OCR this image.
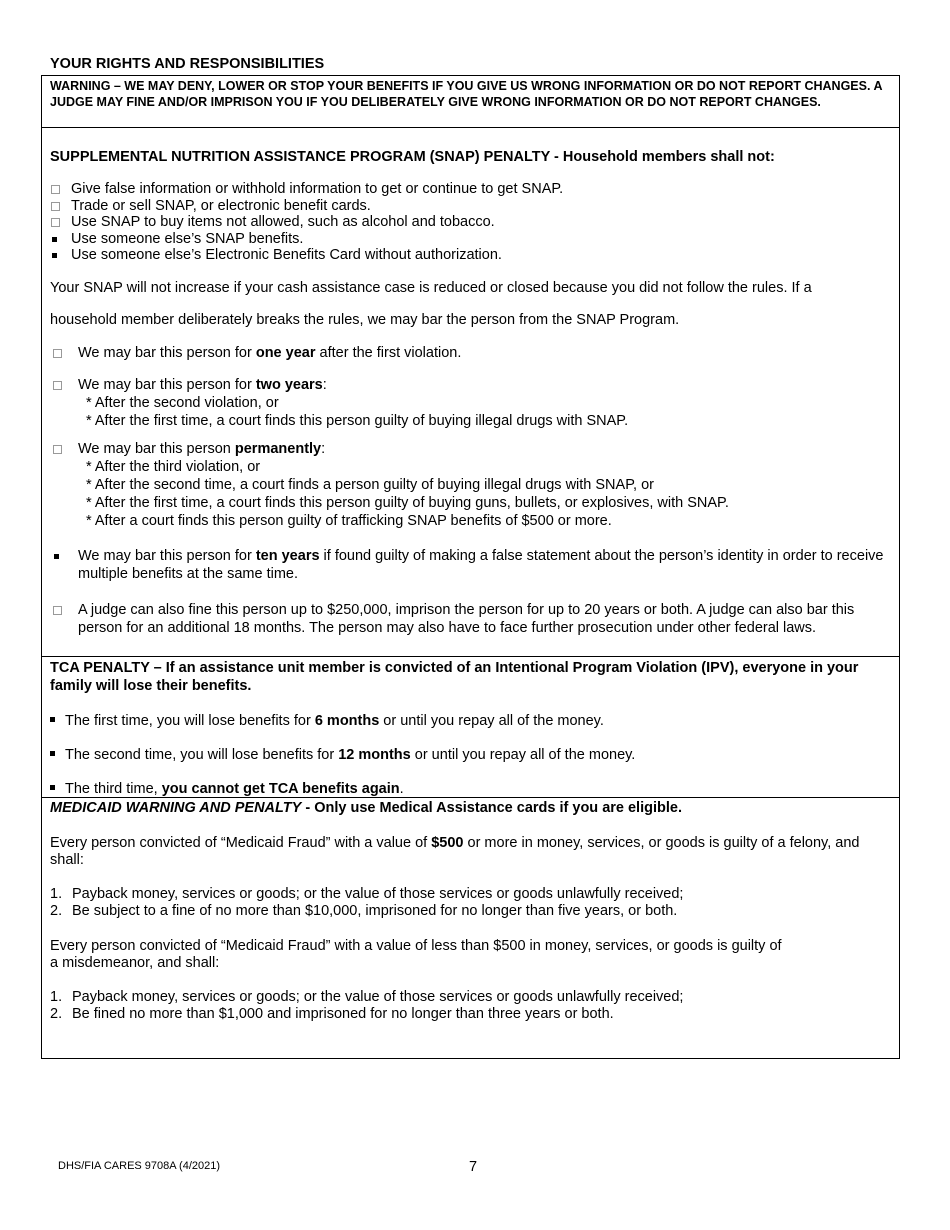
YOUR RIGHTS AND RESPONSIBILITIES
WARNING – WE MAY DENY, LOWER OR STOP YOUR BENEFITS IF YOU GIVE US WRONG INFORMATION OR DO NOT REPORT CHANGES. A JUDGE MAY FINE AND/OR IMPRISON YOU IF YOU DELIBERATELY GIVE WRONG INFORMATION OR DO NOT REPORT CHANGES.
SUPPLEMENTAL NUTRITION ASSISTANCE PROGRAM (SNAP) PENALTY - Household members shall not:
Give false information or withhold information to get or continue to get SNAP.
Trade or sell SNAP, or electronic benefit cards.
Use SNAP to buy items not allowed, such as alcohol and tobacco.
Use someone else’s SNAP benefits.
Use someone else’s Electronic Benefits Card without authorization.
Your SNAP will not increase if your cash assistance case is reduced or closed because you did not follow the rules. If a
household member deliberately breaks the rules, we may bar the person from the SNAP Program.
We may bar this person for one year after the first violation.
We may bar this person for two years:
* After the second violation, or
* After the first time, a court finds this person guilty of buying illegal drugs with SNAP.
We may bar this person permanently:
* After the third violation, or
* After the second time, a court finds a person guilty of buying illegal drugs with SNAP, or
* After the first time, a court finds this person guilty of buying guns, bullets, or explosives, with SNAP.
* After a court finds this person guilty of trafficking SNAP benefits of $500 or more.
We may bar this person for ten years if found guilty of making a false statement about the person’s identity in order to receive multiple benefits at the same time.
A judge can also fine this person up to $250,000, imprison the person for up to 20 years or both. A judge can also bar this person for an additional 18 months. The person may also have to face further prosecution under other federal laws.
TCA PENALTY – If an assistance unit member is convicted of an Intentional Program Violation (IPV), everyone in your family will lose their benefits.
The first time, you will lose benefits for 6 months or until you repay all of the money.
The second time, you will lose benefits for 12 months or until you repay all of the money.
The third time, you cannot get TCA benefits again.
MEDICAID WARNING AND PENALTY - Only use Medical Assistance cards if you are eligible.
Every person convicted of “Medicaid Fraud” with a value of $500 or more in money, services, or goods is guilty of a felony, and shall:
1. Payback money, services or goods; or the value of those services or goods unlawfully received;
2. Be subject to a fine of no more than $10,000, imprisoned for no longer than five years, or both.
Every person convicted of “Medicaid Fraud” with a value of less than $500 in money, services, or goods is guilty of
a misdemeanor, and shall:
1. Payback money, services or goods; or the value of those services or goods unlawfully received;
2. Be fined no more than $1,000 and imprisoned for no longer than three years or both.
DHS/FIA CARES 9708A (4/2021)	7
